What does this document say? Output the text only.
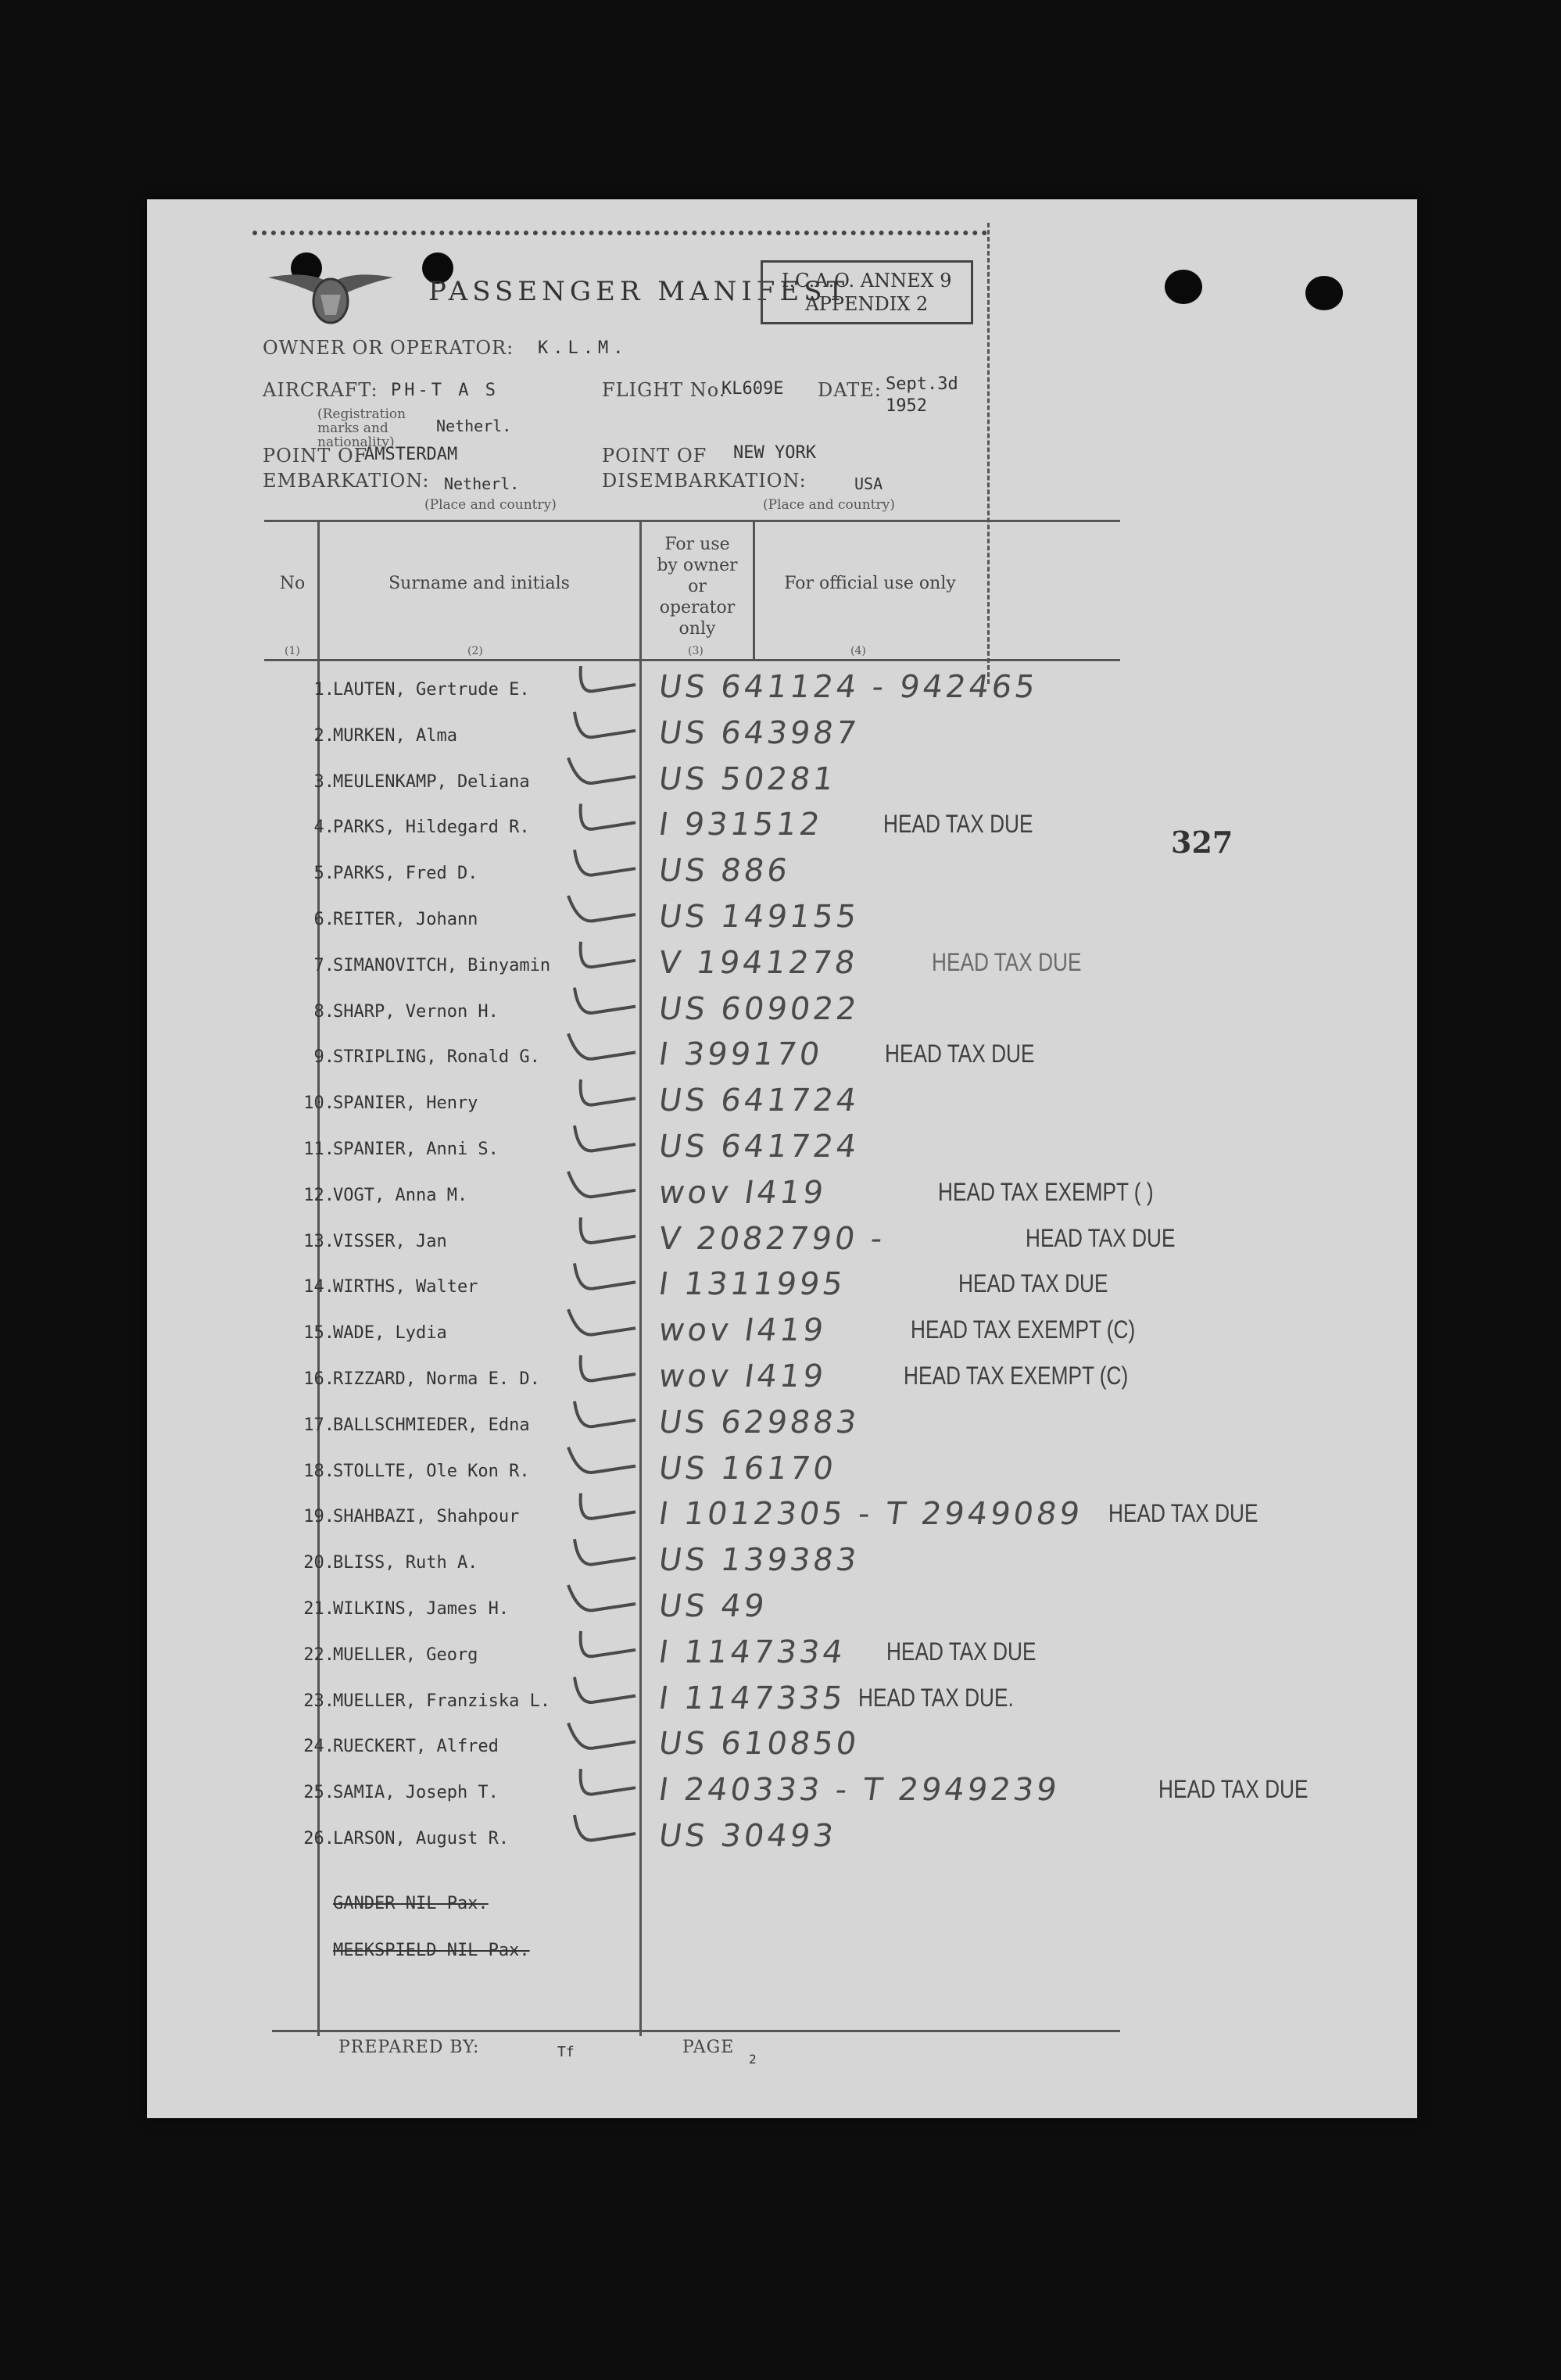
PASSENGER MANIFEST
I.C.A.O. ANNEX 9
APPENDIX 2
OWNER OR OPERATOR: K.L.M.
AIRCRAFT: PH-T A S
(Registration marks and nationality)
Netherl.
FLIGHT No.
KL609E DATE: Sept.3d
1952
POINT OF
AMSTERDAM
EMBARKATION: Netherl.
(Place and country)
POINT OF NEW YORK
DISEMBARKATION:	USA
(Place and country)
No	Surname and initials
For use
by owner
or
operator
only
For official use only
(1)	(2)	(3)	(4)
327
1.
LAUTEN, Gertrude E.	US 641124 - 942465
2.
MURKEN, Alma	US 643987
3.
MEULENKAMP, Deliana	US 50281
4.
PARKS, Hildegard R.	I 931512 HEAD TAX DUE
5.
PARKS, Fred D.	US 886
6.
REITER, Johann	US 149155
7.
SIMANOVITCH, Binyamin	V 1941278	HEAD TAX DUE
8.
SHARP, Vernon H.	US 609022
9.
STRIPLING, Ronald G.	I 399170 HEAD TAX DUE
10.
SPANIER, Henry	US 641724
11.
SPANIER, Anni S.	US 641724
12.
VOGT, Anna M.	wov I419	HEAD TAX EXEMPT ( )
13.
VISSER, Jan	V 2082790 -	HEAD TAX DUE
14.
WIRTHS, Walter	I 1311995	HEAD TAX DUE
15.
WADE, Lydia	wov I419	HEAD TAX EXEMPT (C)
16.
RIZZARD, Norma E. D.	wov I419	HEAD TAX EXEMPT (C)
17.
BALLSCHMIEDER, Edna	US 629883
18.
STOLLTE, Ole Kon R.	US 16170
19.
SHAHBAZI, Shahpour	I 1012305 - T 2949089 HEAD TAX DUE
20.
BLISS, Ruth A.	US 139383
21.
WILKINS, James H.	US 49
22.
MUELLER, Georg	I 1147334 HEAD TAX DUE
23.
MUELLER, Franziska L.	I 1147335 HEAD TAX DUE.
24.
RUECKERT, Alfred	US 610850
25.
SAMIA, Joseph T.	I 240333 - T 2949239	HEAD TAX DUE
26.
LARSON, August R.	US 30493
GANDER-NIL Pax.
MEEKSPIELD-NIL Pax.
PREPARED BY:	Tf	PAGE
2
